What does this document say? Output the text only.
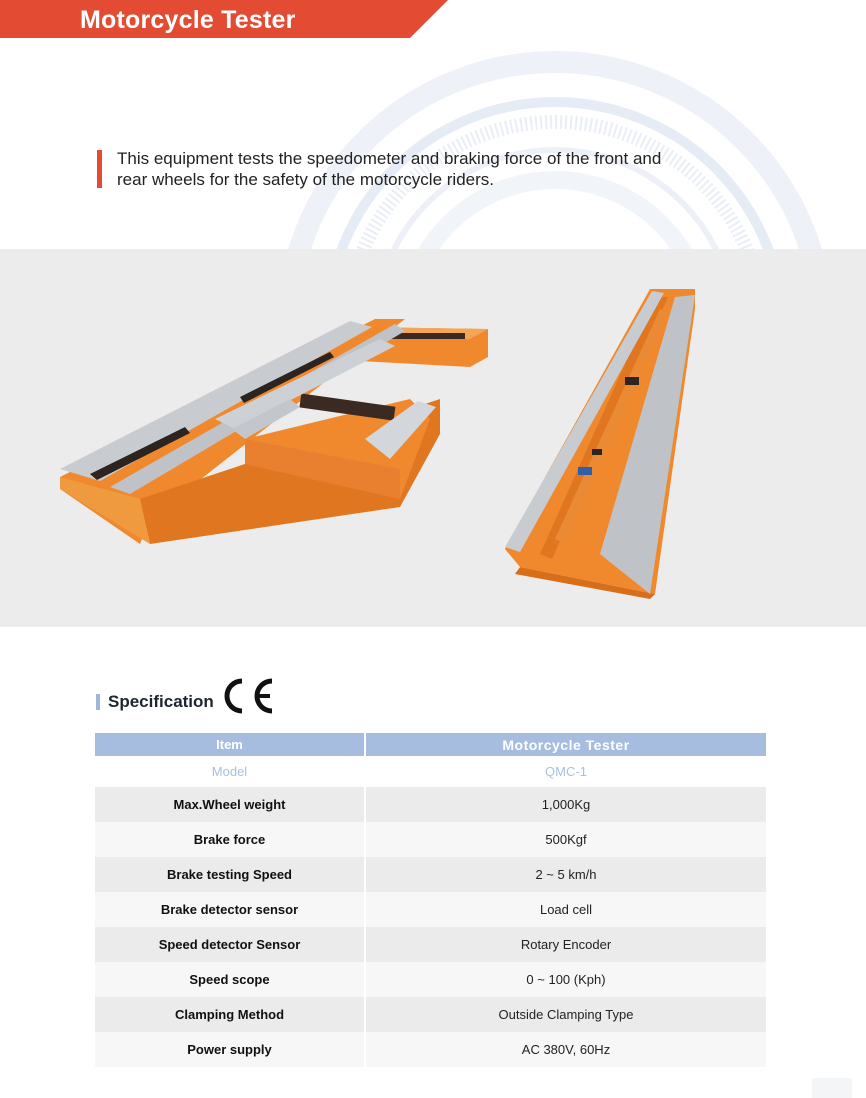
Motorcycle Tester
This equipment tests the speedometer and braking force of the front and
rear wheels for the safety of the motorcycle riders.
Specification
Item	Motorcycle Tester
Model	QMC-1
Max.Wheel weight	1,000Kg
Brake force	500Kgf
Brake testing Speed	2 ~ 5 km/h
Brake detector sensor	Load cell
Speed detector Sensor	Rotary Encoder
Speed scope	0 ~ 100 (Kph)
Clamping Method	Outside Clamping Type
Power supply	AC 380V, 60Hz
